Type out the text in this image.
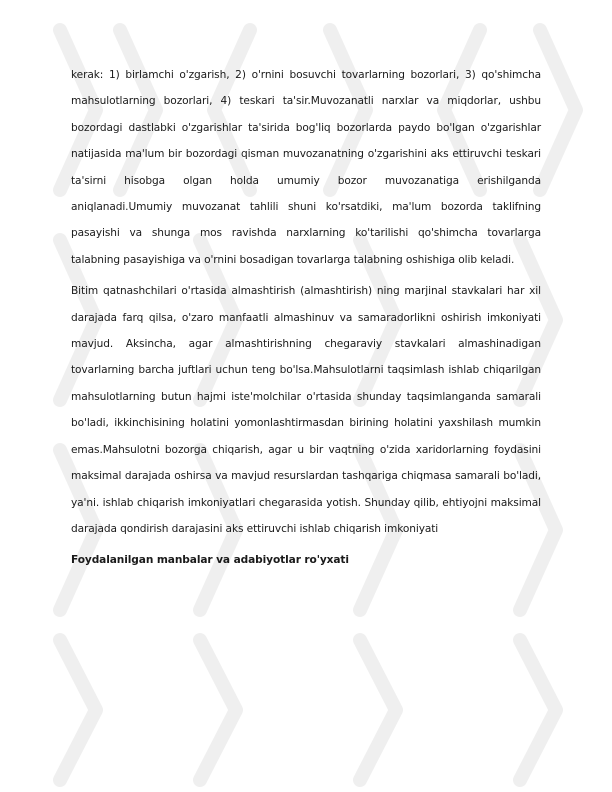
kerak: 1) birlamchi o'zgarish, 2) o'rnini bosuvchi tovarlarning bozorlari, 3) qo'shimcha mahsulotlarning bozorlari, 4) teskari ta'sir.Muvozanatli narxlar va miqdorlar, ushbu bozordagi dastlabki o'zgarishlar ta'sirida bog'liq bozorlarda paydo bo'lgan o'zgarishlar natijasida ma'lum bir bozordagi qisman muvozanatning o'zgarishini aks ettiruvchi teskari ta'sirni hisobga olgan holda umumiy bozor muvozanatiga erishilganda aniqlanadi.Umumiy muvozanat tahlili shuni ko'rsatdiki, ma'lum bozorda taklifning pasayishi va shunga mos ravishda narxlarning ko'tarilishi qo'shimcha tovarlarga talabning pasayishiga va o'rnini bosadigan tovarlarga talabning oshishiga olib keladi.

Bitim qatnashchilari o'rtasida almashtirish (almashtirish) ning marjinal stavkalari har xil darajada farq qilsa, o'zaro manfaatli almashinuv va samaradorlikni oshirish imkoniyati mavjud. Aksincha, agar almashtirishning chegaraviy stavkalari almashinadigan tovarlarning barcha juftlari uchun teng bo'lsa.Mahsulotlarni taqsimlash ishlab chiqarilgan mahsulotlarning butun hajmi iste'molchilar o'rtasida shunday taqsimlanganda samarali bo'ladi, ikkinchisining holatini yomonlashtirmasdan birining holatini yaxshilash mumkin emas.Mahsulotni bozorga chiqarish, agar u bir vaqtning o'zida xaridorlarning foydasini maksimal darajada oshirsa va mavjud resurslardan tashqariga chiqmasa samarali bo'ladi, ya'ni. ishlab chiqarish imkoniyatlari chegarasida yotish. Shunday qilib, ehtiyojni maksimal darajada qondirish darajasini aks ettiruvchi ishlab chiqarish imkoniyati

Foydalanilgan manbalar va adabiyotlar ro'yxati
